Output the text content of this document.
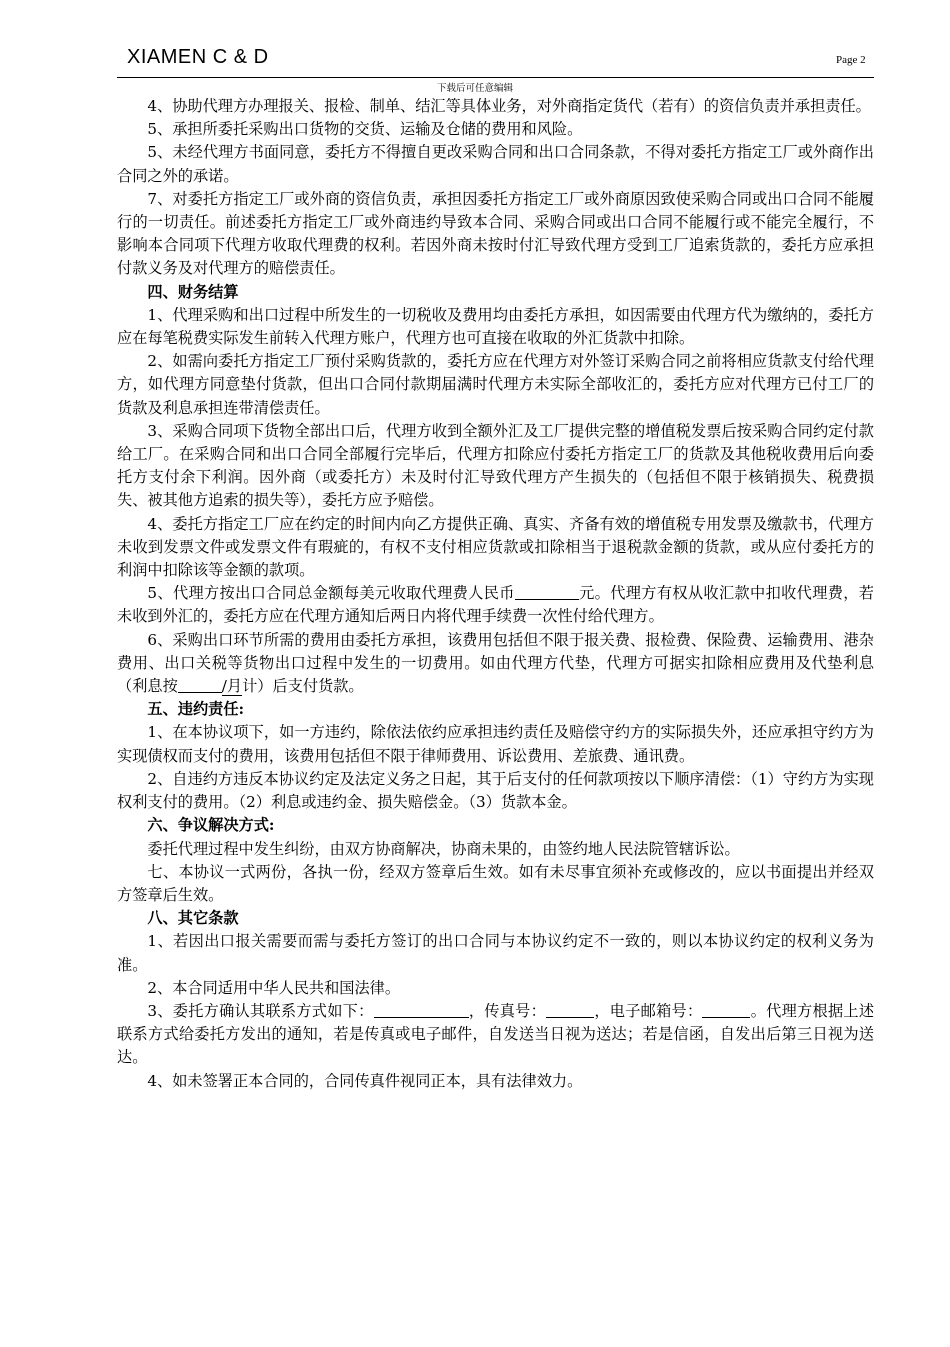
XIAMEN C & D	Page 2
下载后可任意编辑

4、协助代理方办理报关、报检、制单、结汇等具体业务，对外商指定货代（若有）的资信负责并承担责任。

5、承担所委托采购出口货物的交货、运输及仓储的费用和风险。

5、未经代理方书面同意，委托方不得擅自更改采购合同和出口合同条款，不得对委托方指定工厂或外商作出合同之外的承诺。

7、对委托方指定工厂或外商的资信负责，承担因委托方指定工厂或外商原因致使采购合同或出口合同不能履行的一切责任。前述委托方指定工厂或外商违约导致本合同、采购合同或出口合同不能履行或不能完全履行，不影响本合同项下代理方收取代理费的权利。若因外商未按时付汇导致代理方受到工厂追索货款的，委托方应承担付款义务及对代理方的赔偿责任。

四、财务结算

1、代理采购和出口过程中所发生的一切税收及费用均由委托方承担，如因需要由代理方代为缴纳的，委托方应在每笔税费实际发生前转入代理方账户，代理方也可直接在收取的外汇货款中扣除。

2、如需向委托方指定工厂预付采购货款的，委托方应在代理方对外签订采购合同之前将相应货款支付给代理方，如代理方同意垫付货款，但出口合同付款期届满时代理方未实际全部收汇的，委托方应对代理方已付工厂的货款及利息承担连带清偿责任。

3、采购合同项下货物全部出口后，代理方收到全额外汇及工厂提供完整的增值税发票后按采购合同约定付款给工厂。在采购合同和出口合同全部履行完毕后，代理方扣除应付委托方指定工厂的货款及其他税收费用后向委托方支付余下利润。因外商（或委托方）未及时付汇导致代理方产生损失的（包括但不限于核销损失、税费损失、被其他方追索的损失等），委托方应予赔偿。

4、委托方指定工厂应在约定的时间内向乙方提供正确、真实、齐备有效的增值税专用发票及缴款书，代理方未收到发票文件或发票文件有瑕疵的，有权不支付相应货款或扣除相当于退税款金额的货款，或从应付委托方的利润中扣除该等金额的款项。

5、代理方按出口合同总金额每美元收取代理费人民币	元。代理方有权从收汇款中扣收代理费，若未收到外汇的，委托方应在代理方通知后两日内将代理手续费一次性付给代理方。

6、采购出口环节所需的费用由委托方承担，该费用包括但不限于报关费、报检费、保险费、运输费用、港杂费用、出口关税等货物出口过程中发生的一切费用。如由代理方代垫，代理方可据实扣除相应费用及代垫利息（利息按	/月计）后支付货款。

五、违约责任:

1、在本协议项下，如一方违约，除依法依约应承担违约责任及赔偿守约方的实际损失外，还应承担守约方为实现债权而支付的费用，该费用包括但不限于律师费用、诉讼费用、差旅费、通讯费。

2、自违约方违反本协议约定及法定义务之日起，其于后支付的任何款项按以下顺序清偿：（1）守约方为实现权利支付的费用。（2）利息或违约金、损失赔偿金。（3）货款本金。

六、争议解决方式:

委托代理过程中发生纠纷，由双方协商解决，协商未果的，由签约地人民法院管辖诉讼。

七、本协议一式两份，各执一份，经双方签章后生效。如有未尽事宜须补充或修改的，应以书面提出并经双方签章后生效。

八、其它条款

1、若因出口报关需要而需与委托方签订的出口合同与本协议约定不一致的，则以本协议约定的权利义务为准。

2、本合同适用中华人民共和国法律。

3、委托方确认其联系方式如下：	，传真号：	，电子邮箱号：	。代理方根据上述联系方式给委托方发出的通知，若是传真或电子邮件，自发送当日视为送达；若是信函，自发出后第三日视为送达。

4、如未签署正本合同的，合同传真件视同正本，具有法律效力。
